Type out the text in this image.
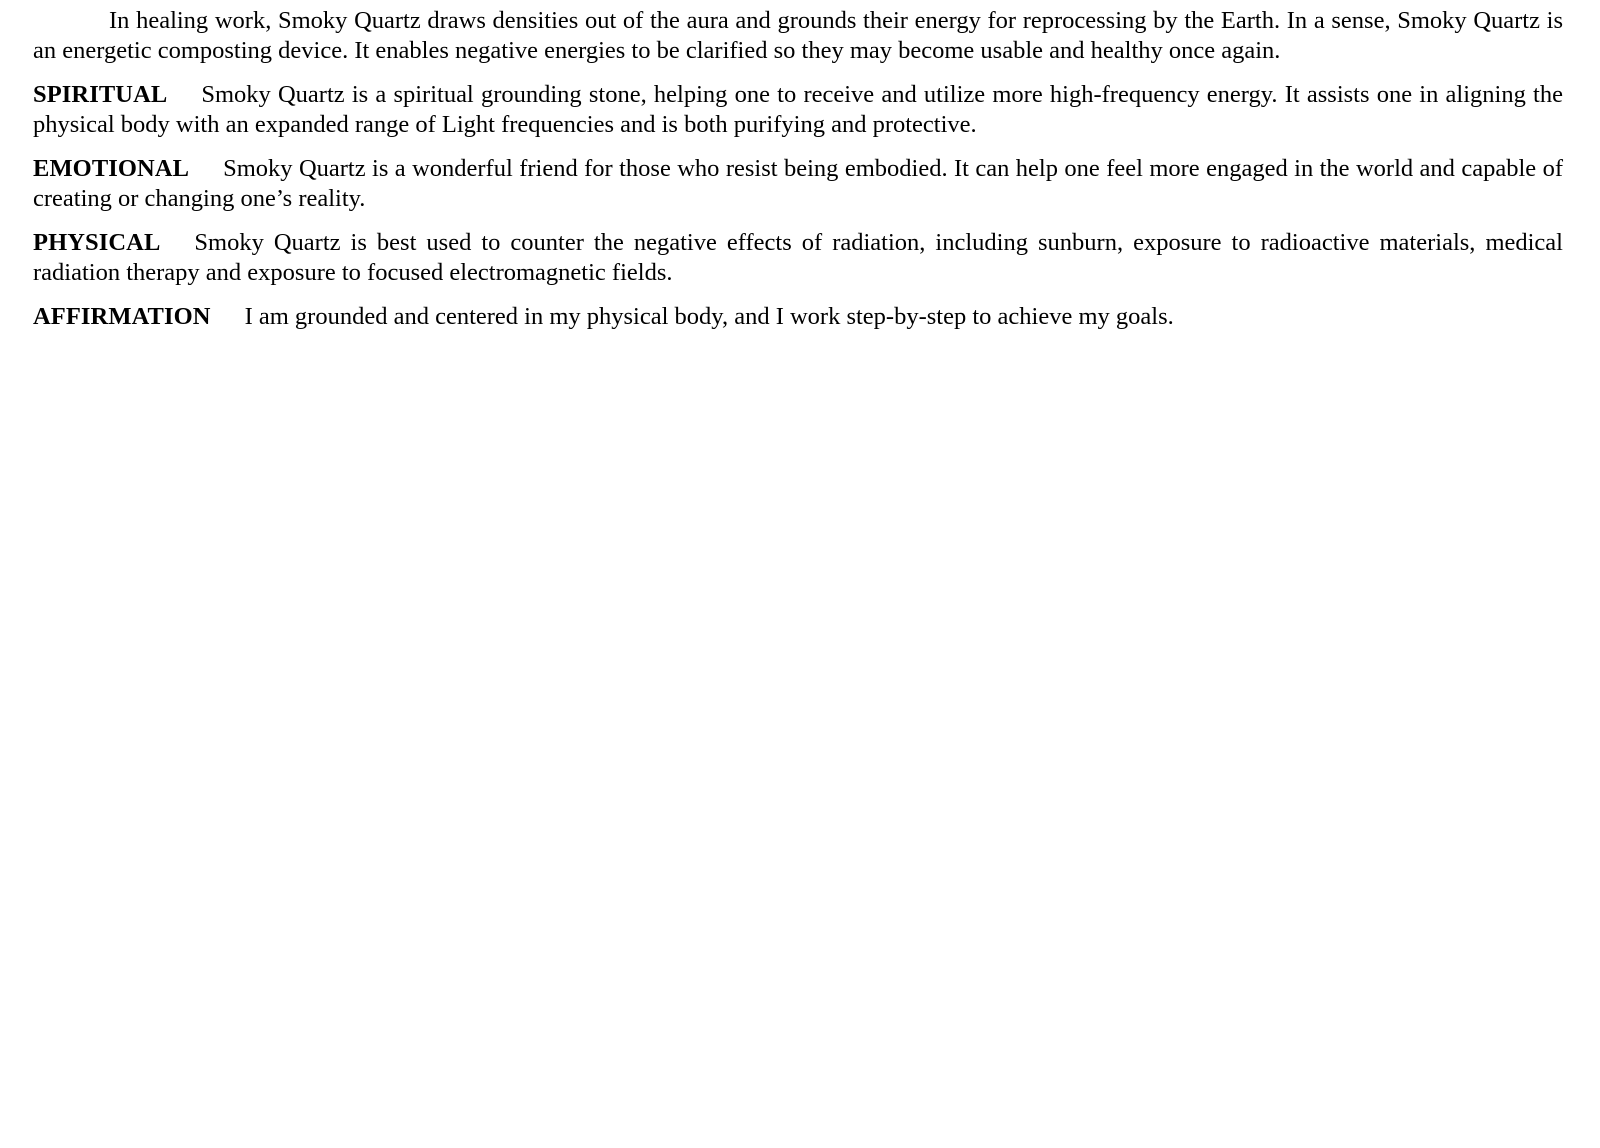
In healing work, Smoky Quartz draws densities out of the aura and grounds their energy for reprocessing by the Earth. In a sense, Smoky Quartz is an energetic composting device. It enables negative energies to be clarified so they may become usable and healthy once again.

SPIRITUAL Smoky Quartz is a spiritual grounding stone, helping one to receive and utilize more high-frequency energy. It assists one in aligning the physical body with an expanded range of Light frequencies and is both purifying and protective.

EMOTIONAL Smoky Quartz is a wonderful friend for those who resist being embodied. It can help one feel more engaged in the world and capable of creating or changing one’s reality.

PHYSICAL Smoky Quartz is best used to counter the negative effects of radiation, including sunburn, exposure to radioactive materials, medical radiation therapy and exposure to focused electromagnetic fields.

AFFIRMATION I am grounded and centered in my physical body, and I work step-by-step to achieve my goals.
